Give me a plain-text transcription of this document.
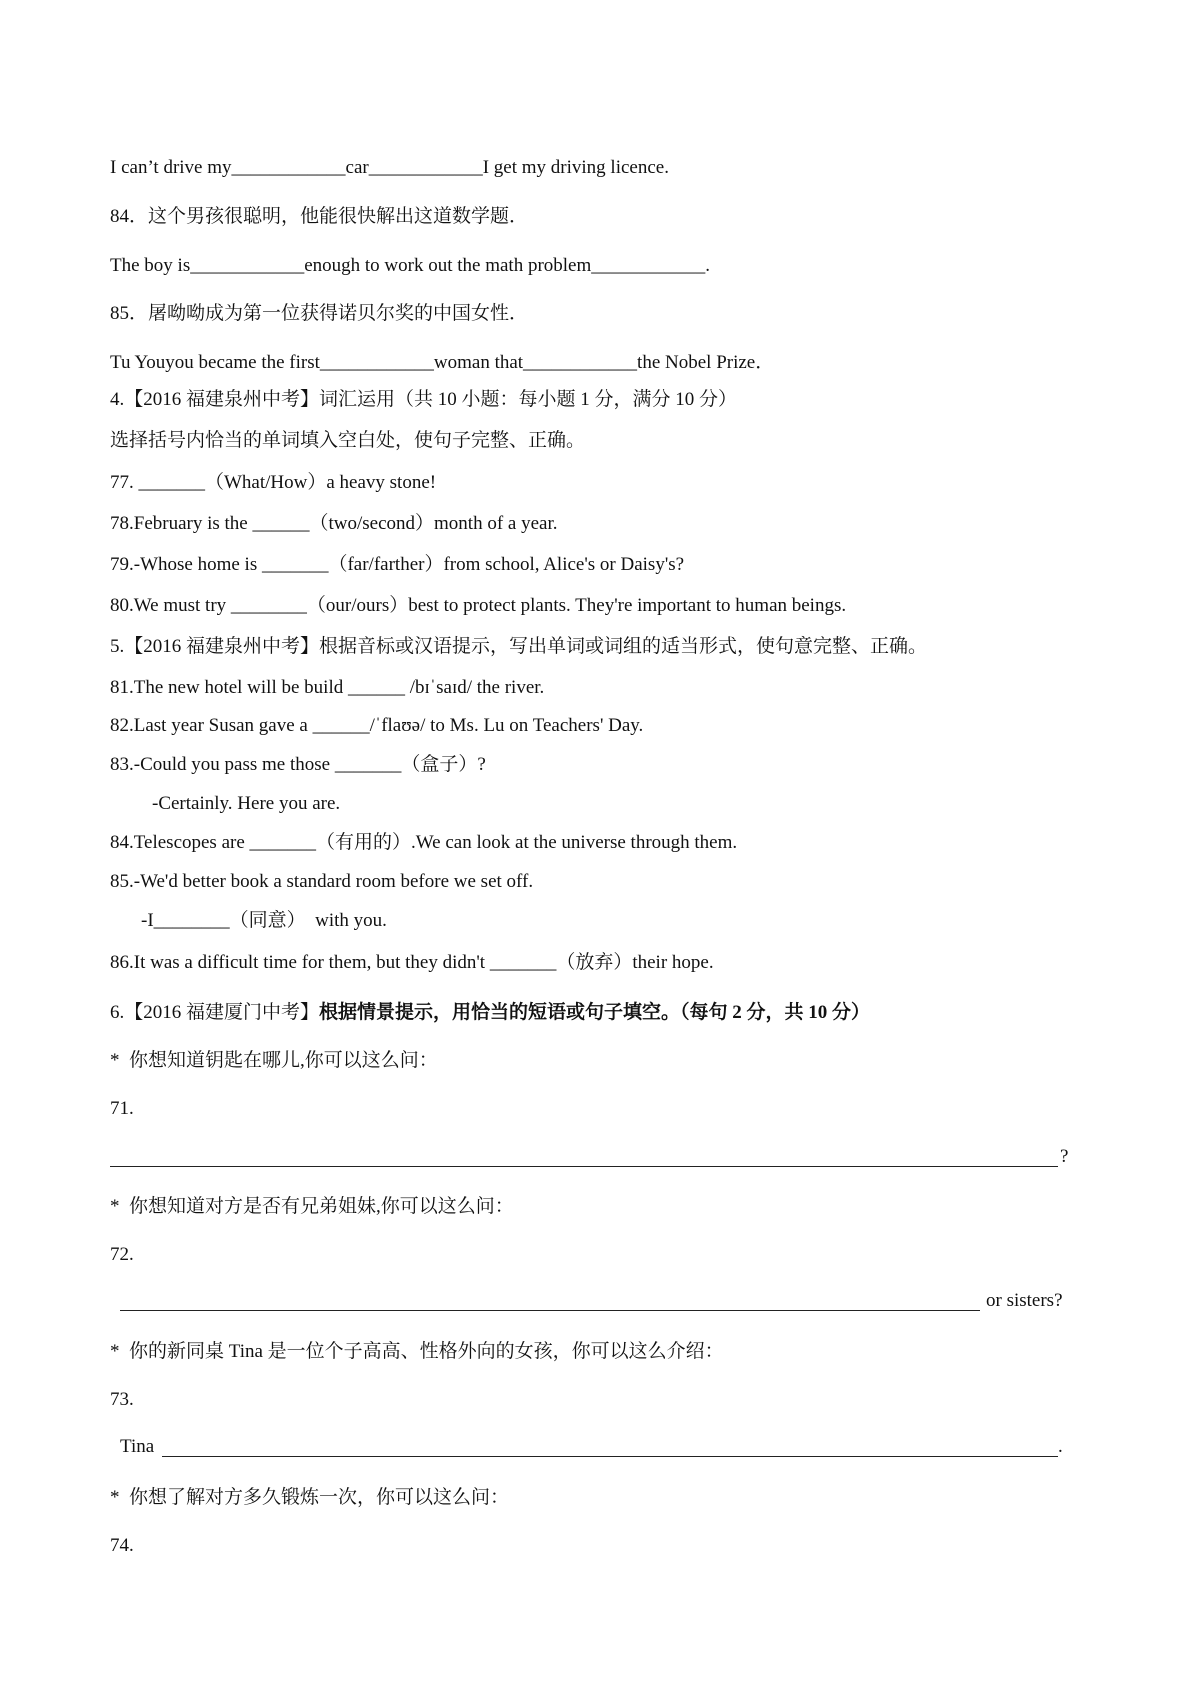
I can’t drive my____________car____________I get my driving licence.
84．这个男孩很聪明，他能很快解出这道数学题．
The boy is____________enough to work out the math problem____________.
85．屠呦呦成为第一位获得诺贝尔奖的中国女性．
Tu Youyou became the first____________woman that____________the Nobel Prize．
4.【2016 福建泉州中考】词汇运用（共 10 小题：每小题 1 分，满分 10 分）
选择括号内恰当的单词填入空白处，使句子完整、正确。
77. _______（What/How）a heavy stone!
78.February is the ______（two/second）month of a year.
79.-Whose home is _______（far/farther）from school, Alice's or Daisy's?
80.We must try ________（our/ours）best to protect plants. They're important to human beings.
5.【2016 福建泉州中考】根据音标或汉语提示，写出单词或词组的适当形式，使句意完整、正确。
81.The new hotel will be build ______ /bɪˈsaɪd/ the river.
82.Last year Susan gave a ______/ˈflaʊə/ to Ms. Lu on Teachers' Day.
83.-Could you pass me those _______（盒子）?
-Certainly. Here you are.
84.Telescopes are _______（有用的）.We can look at the universe through them.
85.-We'd better book a standard room before we set off.
-I________（同意）  with you.
86.It was a difficult time for them, but they didn't _______（放弃）their hope.
6.【2016 福建厦门中考】根据情景提示，用恰当的短语或句子填空。（每句 2 分，共 10 分）
*  你想知道钥匙在哪儿,你可以这么问：
71.
?
*  你想知道对方是否有兄弟姐妹,你可以这么问：
72.
or sisters?
*  你的新同桌 Tina 是一位个子高高、性格外向的女孩，你可以这么介绍：
73.
Tina	.
*  你想了解对方多久锻炼一次，你可以这么问：
74.
